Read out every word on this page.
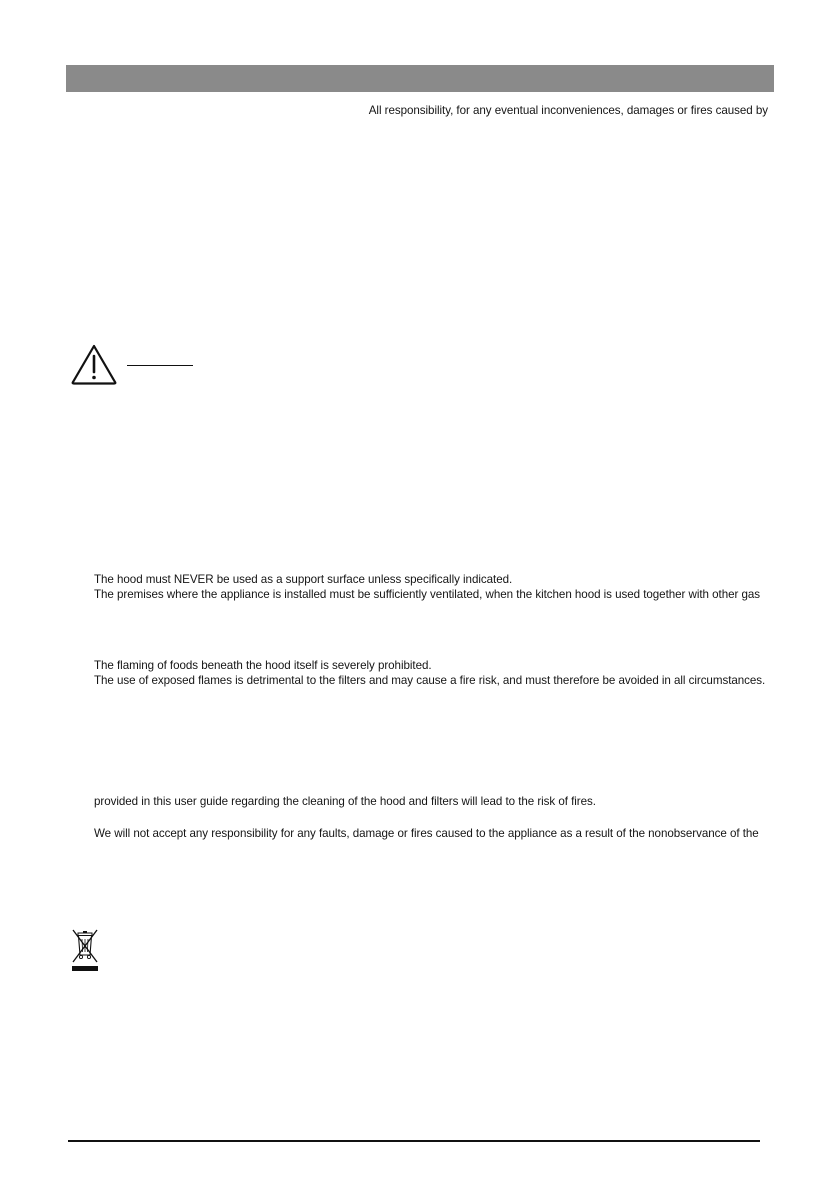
All responsibility, for any eventual inconveniences, damages or fires caused by
The hood must NEVER be used as a support surface unless specifically indicated.
The premises where the appliance is installed must be sufficiently ventilated, when the kitchen hood is used together with other gas
The flaming of foods beneath the hood itself is severely prohibited.
The use of exposed flames is detrimental to the filters and may cause a fire risk, and must therefore be avoided in all circumstances.
provided in this user guide regarding the cleaning of the hood and filters will lead to the risk of fires.
We will not accept any responsibility for any faults, damage or fires caused to the appliance as a result of the nonobservance of the
